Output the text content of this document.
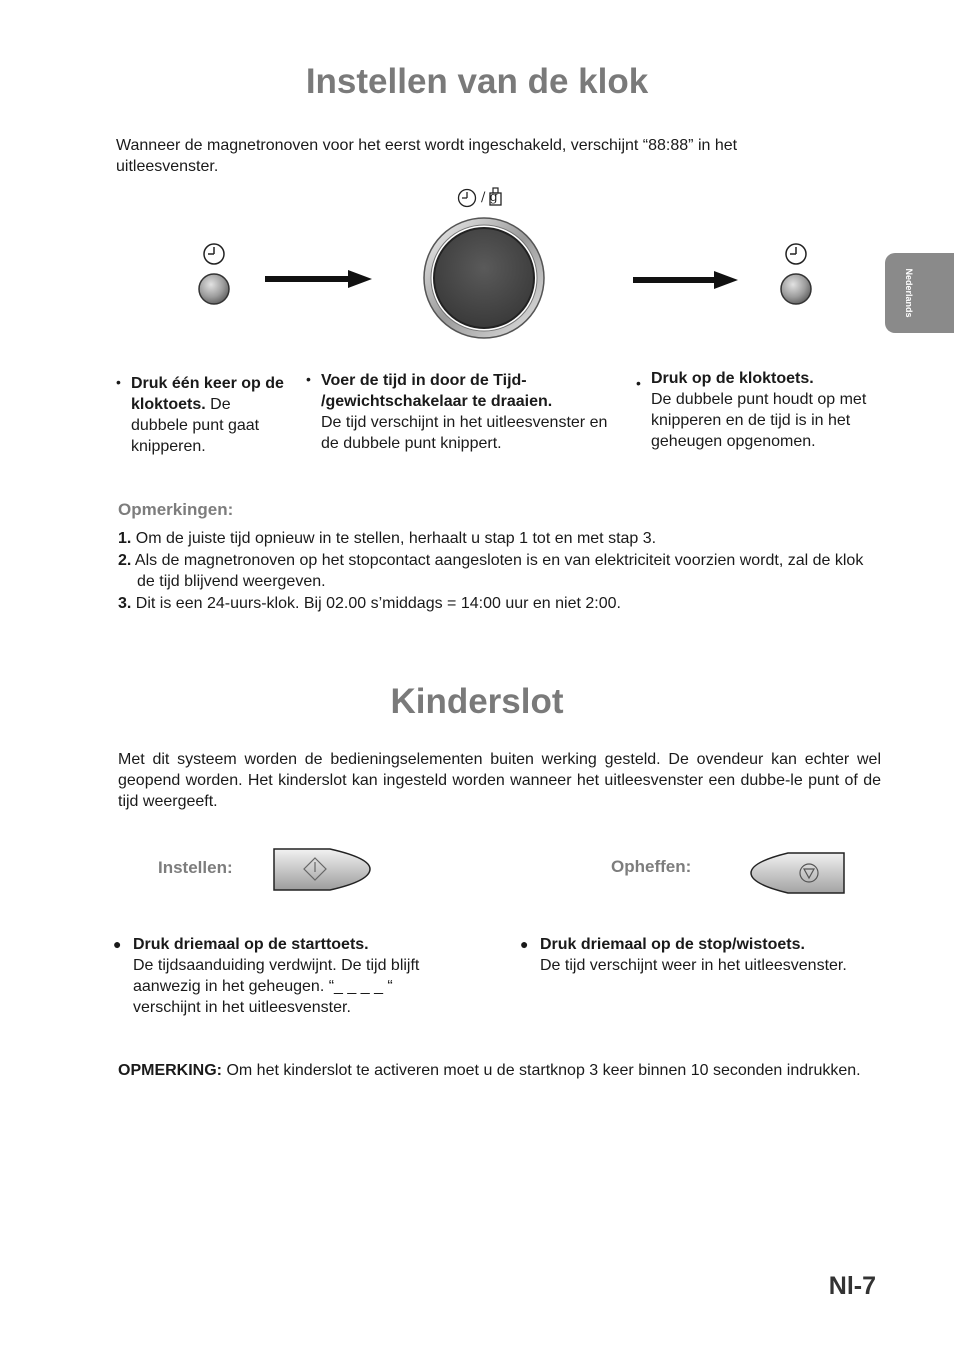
Nederlands
Instellen van de klok
Wanneer de magnetronoven voor het eerst wordt ingeschakeld, verschijnt “88:88” in het uitleesvenster.
/ g
• Druk één keer op de kloktoets. De dubbele punt gaat knipperen.
• Voer de tijd in door de Tijd- /gewichtschakelaar te draaien.
De tijd verschijnt in het uitleesvenster en de dubbele punt knippert.
• Druk op de kloktoets.
De dubbele punt houdt op met knipperen en de tijd is in het geheugen opgenomen.
Opmerkingen:
1. Om de juiste tijd opnieuw in te stellen, herhaalt u stap 1 tot en met stap 3.
2. Als de magnetronoven op het stopcontact aangesloten is en van elektriciteit voorzien wordt, zal de klok de tijd blijvend weergeven.
3. Dit is een 24-uurs-klok. Bij 02.00 s’middags = 14:00 uur en niet 2:00.
Kinderslot
Met dit systeem worden de bedieningselementen buiten werking gesteld. De ovendeur kan echter wel geopend worden. Het kinderslot kan ingesteld worden wanneer het uitleesvenster een dubbe-le punt of de tijd weergeeft.
Instellen:	Opheffen:
● Druk driemaal op de starttoets.
De tijdsaanduiding verdwijnt. De tijd blijft aanwezig in het geheugen. “_ _ _ _ “ verschijnt in het uitleesvenster.
● Druk driemaal op de stop/wistoets.
De tijd verschijnt weer in het uitleesvenster.
OPMERKING: Om het kinderslot te activeren moet u de startknop 3 keer binnen 10 seconden indrukken.
Nl-7
